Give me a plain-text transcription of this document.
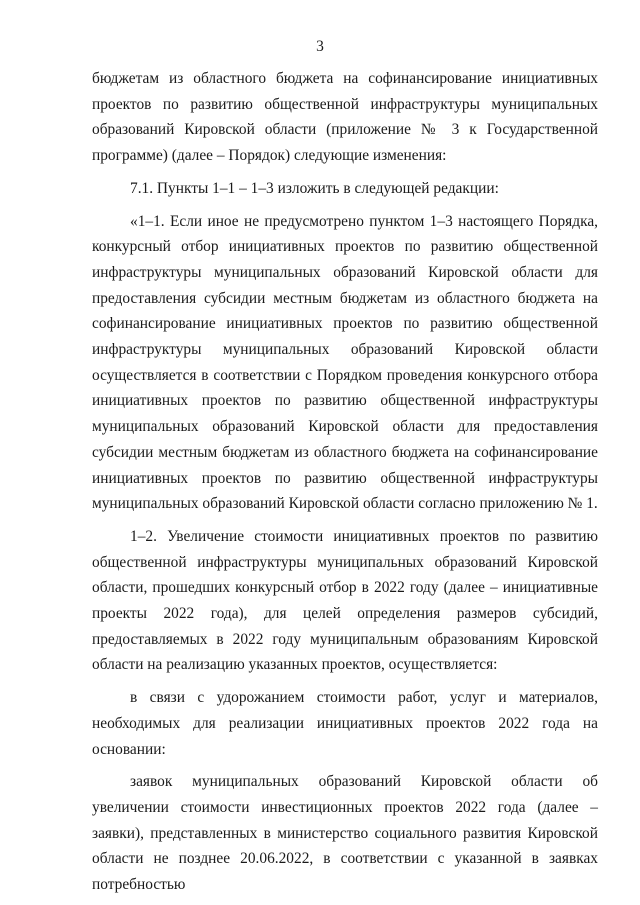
3

бюджетам из областного бюджета на софинансирование инициативных проектов по развитию общественной инфраструктуры муниципальных образований Кировской области (приложение № 3 к Государственной программе) (далее – Порядок) следующие изменения:

7.1. Пункты 1–1 – 1–3 изложить в следующей редакции:

«1–1. Если иное не предусмотрено пунктом 1–3 настоящего Порядка, конкурсный отбор инициативных проектов по развитию общественной инфраструктуры муниципальных образований Кировской области для предоставления субсидии местным бюджетам из областного бюджета на софинансирование инициативных проектов по развитию общественной инфраструктуры муниципальных образований Кировской области осуществляется в соответствии с Порядком проведения конкурсного отбора инициативных проектов по развитию общественной инфраструктуры муниципальных образований Кировской области для предоставления субсидии местным бюджетам из областного бюджета на софинансирование инициативных проектов по развитию общественной инфраструктуры муниципальных образований Кировской области согласно приложению № 1.

1–2. Увеличение стоимости инициативных проектов по развитию общественной инфраструктуры муниципальных образований Кировской области, прошедших конкурсный отбор в 2022 году (далее – инициативные проекты 2022 года), для целей определения размеров субсидий, предоставляемых в 2022 году муниципальным образованиям Кировской области на реализацию указанных проектов, осуществляется:

в связи с удорожанием стоимости работ, услуг и материалов, необходимых для реализации инициативных проектов 2022 года на основании:

заявок муниципальных образований Кировской области об увеличении стоимости инвестиционных проектов 2022 года (далее – заявки), представленных в министерство социального развития Кировской области не позднее 20.06.2022, в соответствии с указанной в заявках потребностью
